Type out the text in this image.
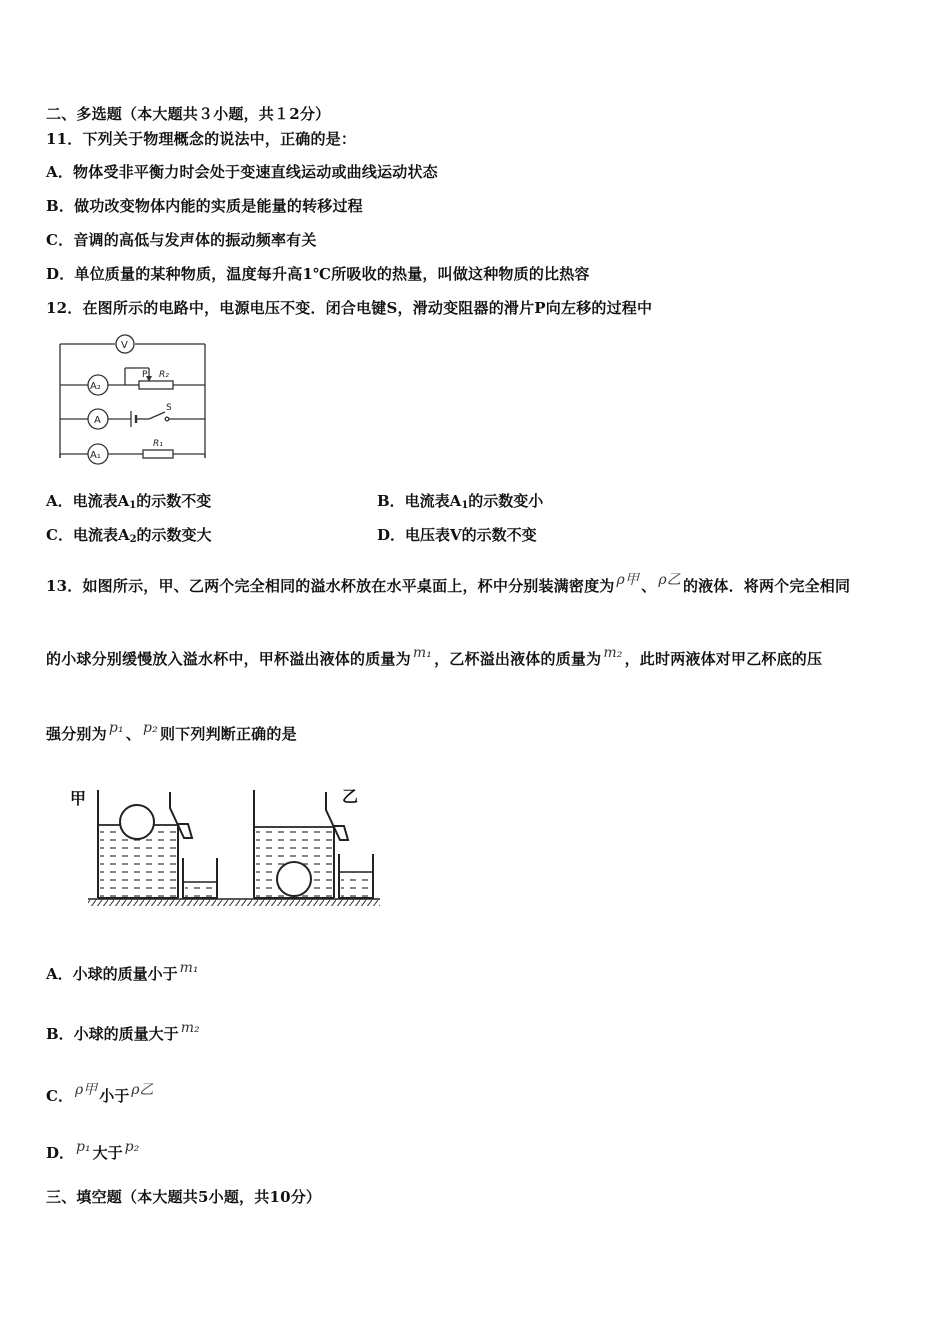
二、多选题（本大题共３小题，共１2分）
11．下列关于物理概念的说法中，正确的是：
A．物体受非平衡力时会处于变速直线运动或曲线运动状态
B．做功改变物体内能的实质是能量的转移过程
C．音调的高低与发声体的振动频率有关
D．单位质量的某种物质，温度每升高1℃所吸收的热量，叫做这种物质的比热容
12．在图所示的电路中，电源电压不变．闭合电键S，滑动变阻器的滑片P向左移的过程中
V
A₂
A
A₁
P R₂
S
R₁
A．电流表$A_1$的示数不变	B．电流表$A_1$的示数变小
C．电流表$A_2$的示数变大	D．电压表V的示数不变
13．如图所示，甲、乙两个完全相同的溢水杯放在水平桌面上，杯中分别装满密度为 ρ甲 、 ρ乙 的液体．将两个完全相同
的小球分别缓慢放入溢水杯中，甲杯溢出液体的质量为 m₁ ，乙杯溢出液体的质量为 m₂ ，此时两液体对甲乙杯底的压
强分别为 p₁ 、 p₂ 则下列判断正确的是
甲	乙
A．小球的质量小于 m₁
B．小球的质量大于 m₂
C． ρ甲 小于 ρ乙
D． p₁ 大于 p₂
三、填空题（本大题共5小题，共10分）
